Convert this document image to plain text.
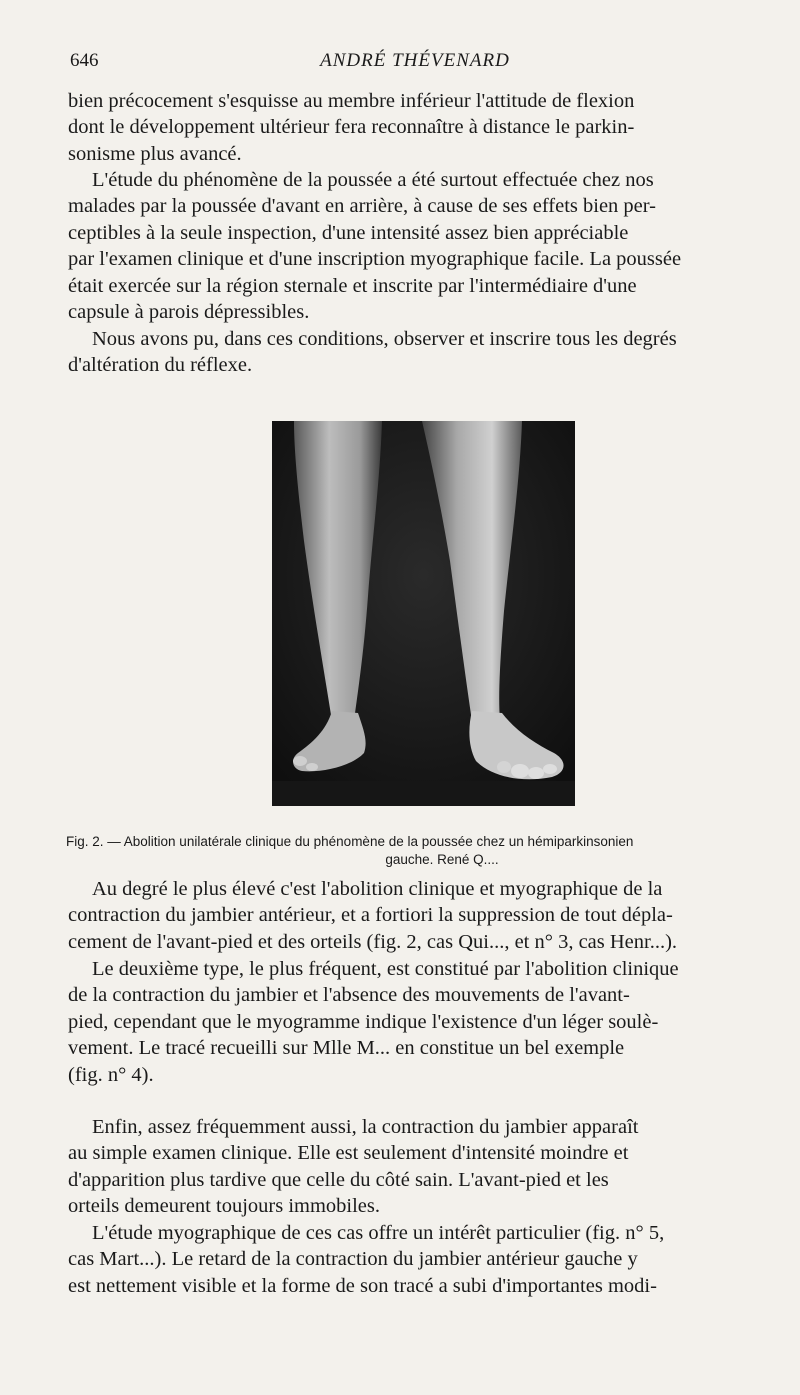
646	ANDRÉ THÉVENARD

bien précocement s'esquisse au membre inférieur l'attitude de flexion
dont le développement ultérieur fera reconnaître à distance le parkin-
sonisme plus avancé.

L'étude du phénomène de la poussée a été surtout effectuée chez nos
malades par la poussée d'avant en arrière, à cause de ses effets bien per-
ceptibles à la seule inspection, d'une intensité assez bien appréciable
par l'examen clinique et d'une inscription myographique facile. La poussée
était exercée sur la région sternale et inscrite par l'intermédiaire d'une
capsule à parois dépressibles.

Nous avons pu, dans ces conditions, observer et inscrire tous les degrés
d'altération du réflexe.

Fig. 2. — Abolition unilatérale clinique du phénomène de la poussée chez un hémiparkinsonien
gauche. René Q....

Au degré le plus élevé c'est l'abolition clinique et myographique de la
contraction du jambier antérieur, et a fortiori la suppression de tout dépla-
cement de l'avant-pied et des orteils (fig. 2, cas Qui..., et n° 3, cas Henr...).

Le deuxième type, le plus fréquent, est constitué par l'abolition clinique
de la contraction du jambier et l'absence des mouvements de l'avant-
pied, cependant que le myogramme indique l'existence d'un léger soulè-
vement. Le tracé recueilli sur Mlle M... en constitue un bel exemple
(fig. n° 4).

Enfin, assez fréquemment aussi, la contraction du jambier apparaît
au simple examen clinique. Elle est seulement d'intensité moindre et
d'apparition plus tardive que celle du côté sain. L'avant-pied et les
orteils demeurent toujours immobiles.

L'étude myographique de ces cas offre un intérêt particulier (fig. n° 5,
cas Mart...). Le retard de la contraction du jambier antérieur gauche y
est nettement visible et la forme de son tracé a subi d'importantes modi-
